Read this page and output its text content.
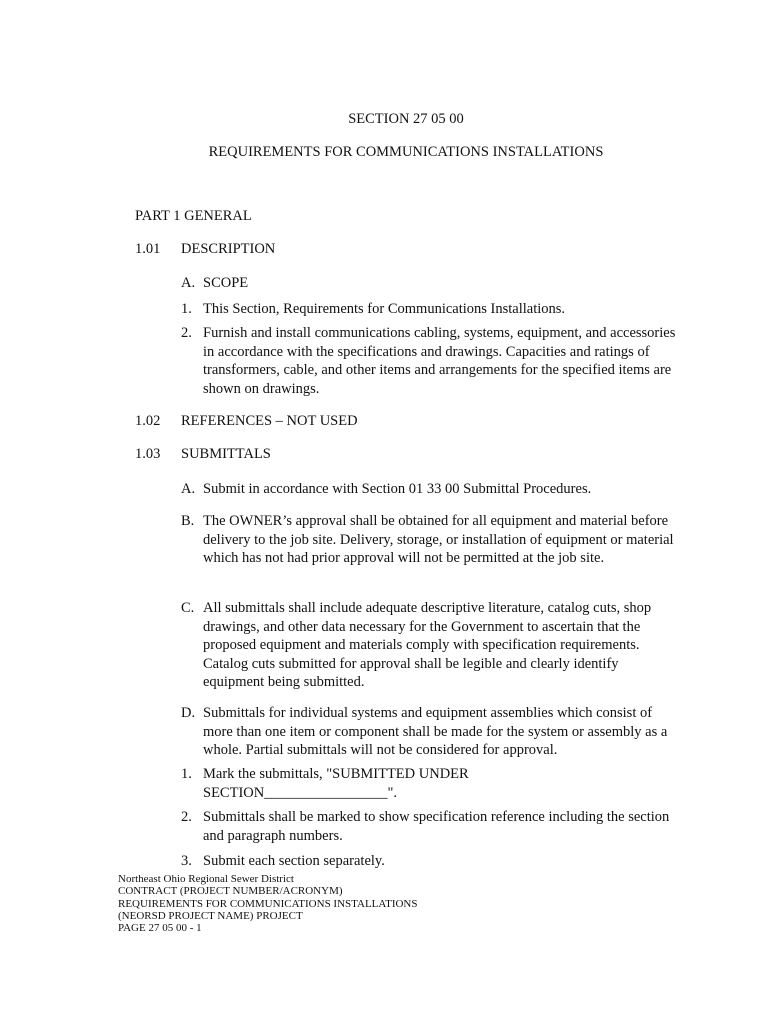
SECTION 27 05 00
REQUIREMENTS FOR COMMUNICATIONS INSTALLATIONS
PART 1 GENERAL
1.01 DESCRIPTION
A. SCOPE
1. This Section, Requirements for Communications Installations.
2. Furnish and install communications cabling, systems, equipment, and accessories in accordance with the specifications and drawings. Capacities and ratings of transformers, cable, and other items and arrangements for the specified items are shown on drawings.
1.02 REFERENCES – NOT USED
1.03 SUBMITTALS
A. Submit in accordance with Section 01 33 00 Submittal Procedures.
B. The OWNER’s approval shall be obtained for all equipment and material before delivery to the job site. Delivery, storage, or installation of equipment or material which has not had prior approval will not be permitted at the job site.
C. All submittals shall include adequate descriptive literature, catalog cuts, shop drawings, and other data necessary for the Government to ascertain that the proposed equipment and materials comply with specification requirements. Catalog cuts submitted for approval shall be legible and clearly identify equipment being submitted.
D. Submittals for individual systems and equipment assemblies which consist of more than one item or component shall be made for the system or assembly as a whole. Partial submittals will not be considered for approval.
1. Mark the submittals, "SUBMITTED UNDER SECTION_________________".
2. Submittals shall be marked to show specification reference including the section and paragraph numbers.
3. Submit each section separately.
Northeast Ohio Regional Sewer District
CONTRACT (PROJECT NUMBER/ACRONYM)
REQUIREMENTS FOR COMMUNICATIONS INSTALLATIONS
(NEORSD PROJECT NAME) PROJECT
PAGE 27 05 00 - 1
